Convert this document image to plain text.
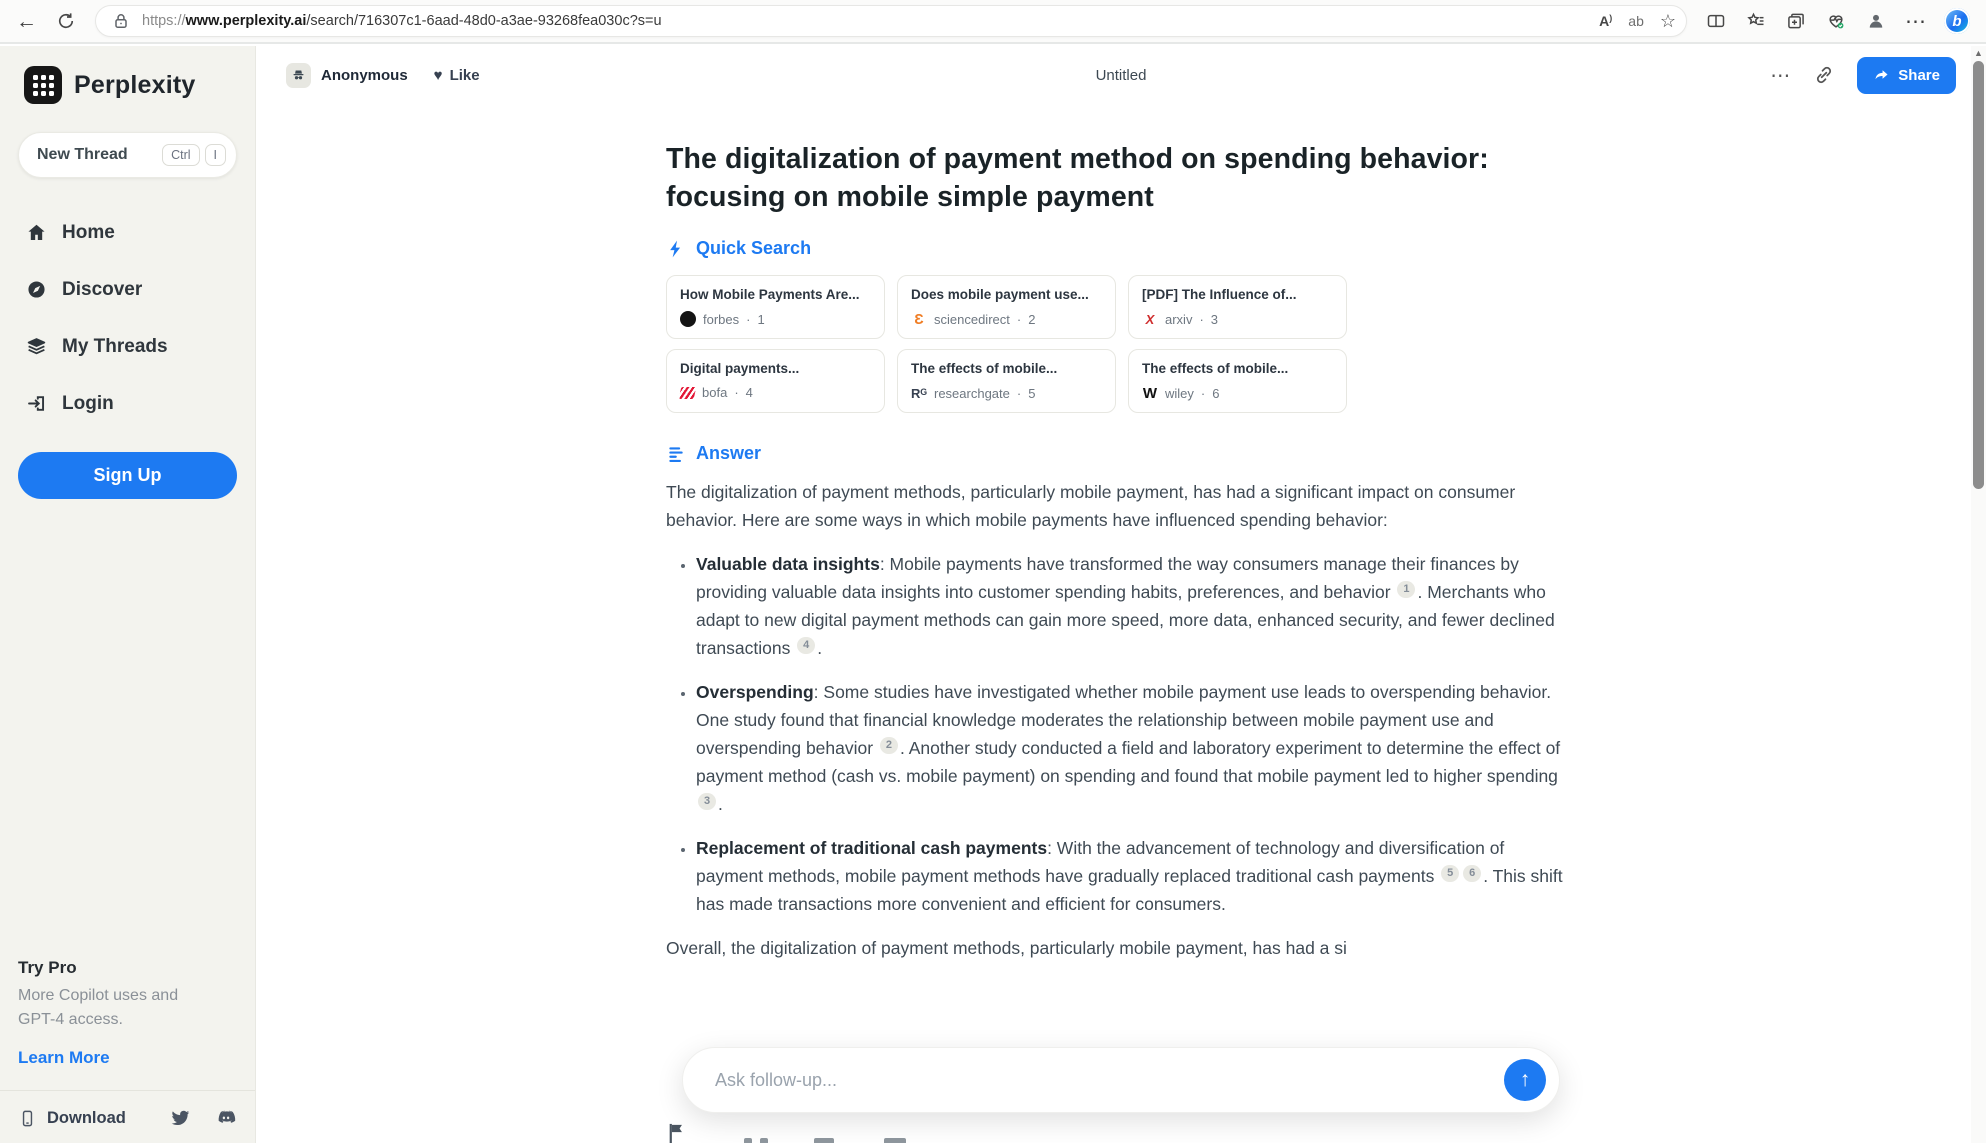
←	https://www.perplexity.ai/search/716307c1-6aad-48d0-a3ae-93268fea030c?s=u	A) ab ☆	⋯	b
Perplexity
New Thread	Ctrl	I
Home
Discover
My Threads
Login
Sign Up
Try Pro
More Copilot uses and GPT-4 access.
Learn More
Download
Anonymous ♥ Like	Untitled	⋯	Share
The digitalization of payment method on spending behavior: focusing on mobile simple payment
Quick Search
How Mobile Payments Are...
forbes · 1
Does mobile payment use...
Ɛ sciencedirect · 2
[PDF] The Influence of...
X arxiv · 3
Digital payments...
bofa · 4
The effects of mobile...
Rᴳ researchgate · 5
The effects of mobile...
W wiley · 6
Answer

The digitalization of payment methods, particularly mobile payment, has had a significant impact on consumer behavior. Here are some ways in which mobile payments have influenced spending behavior:

• Valuable data insights: Mobile payments have transformed the way consumers manage their finances by providing valuable data insights into customer spending habits, preferences, and behavior 1 . Merchants who adapt to new digital payment methods can gain more speed, more data, enhanced security, and fewer declined transactions 4 .
• Overspending: Some studies have investigated whether mobile payment use leads to overspending behavior. One study found that financial knowledge moderates the relationship between mobile payment use and overspending behavior 2 . Another study conducted a field and laboratory experiment to determine the effect of payment method (cash vs. mobile payment) on spending and found that mobile payment led to higher spending 3 .
• Replacement of traditional cash payments: With the advancement of technology and diversification of payment methods, mobile payment methods have gradually replaced traditional cash payments 5 6 . This shift has made transactions more convenient and efficient for consumers.

Overall, the digitalization of payment methods, particularly mobile payment, has had a si

Ask follow-up...
↑
▲
